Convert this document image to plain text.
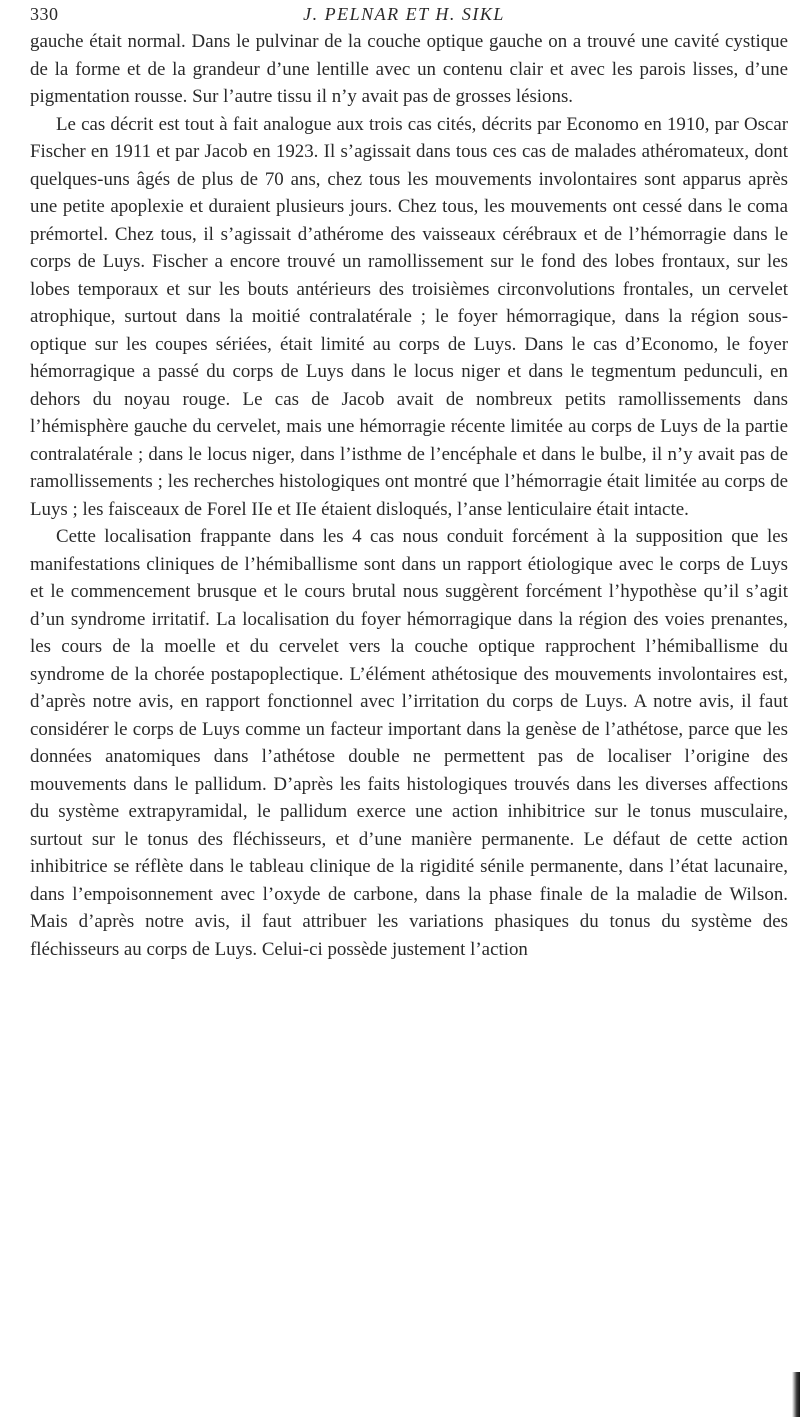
330	J. PELNAR ET H. SIKL

gauche était normal. Dans le pulvinar de la couche optique gauche on a trouvé une cavité cystique de la forme et de la grandeur d’une lentille avec un contenu clair et avec les parois lisses, d’une pigmentation rousse. Sur l’autre tissu il n’y avait pas de grosses lésions.

Le cas décrit est tout à fait analogue aux trois cas cités, décrits par Economo en 1910, par Oscar Fischer en 1911 et par Jacob en 1923. Il s’agissait dans tous ces cas de malades athéromateux, dont quelques-uns âgés de plus de 70 ans, chez tous les mouvements involontaires sont apparus après une petite apoplexie et duraient plusieurs jours. Chez tous, les mouvements ont cessé dans le coma prémortel. Chez tous, il s’agissait d’athérome des vaisseaux cérébraux et de l’hémorragie dans le corps de Luys. Fischer a encore trouvé un ramollissement sur le fond des lobes frontaux, sur les lobes temporaux et sur les bouts antérieurs des troisièmes circonvolutions frontales, un cervelet atrophique, surtout dans la moitié contralatérale ; le foyer hémorragique, dans la région sous-optique sur les coupes sériées, était limité au corps de Luys. Dans le cas d’Economo, le foyer hémorragique a passé du corps de Luys dans le locus niger et dans le tegmentum pedunculi, en dehors du noyau rouge. Le cas de Jacob avait de nombreux petits ramollissements dans l’hémisphère gauche du cervelet, mais une hémorragie récente limitée au corps de Luys de la partie contralatérale ; dans le locus niger, dans l’isthme de l’encéphale et dans le bulbe, il n’y avait pas de ramollissements ; les recherches histologiques ont montré que l’hémorragie était limitée au corps de Luys ; les faisceaux de Forel IIe et IIe étaient disloqués, l’anse lenticulaire était intacte.

Cette localisation frappante dans les 4 cas nous conduit forcément à la supposition que les manifestations cliniques de l’hémiballisme sont dans un rapport étiologique avec le corps de Luys et le commencement brusque et le cours brutal nous suggèrent forcément l’hypothèse qu’il s’agit d’un syndrome irritatif. La localisation du foyer hémorragique dans la région des voies prenantes, les cours de la moelle et du cervelet vers la couche optique rapprochent l’hémiballisme du syndrome de la chorée postapoplectique. L’élément athétosique des mouvements involontaires est, d’après notre avis, en rapport fonctionnel avec l’irritation du corps de Luys. A notre avis, il faut considérer le corps de Luys comme un facteur important dans la genèse de l’athétose, parce que les données anatomiques dans l’athétose double ne permettent pas de localiser l’origine des mouvements dans le pallidum. D’après les faits histologiques trouvés dans les diverses affections du système extrapyramidal, le pallidum exerce une action inhibitrice sur le tonus musculaire, surtout sur le tonus des fléchisseurs, et d’une manière permanente. Le défaut de cette action inhibitrice se réflète dans le tableau clinique de la rigidité sénile permanente, dans l’état lacunaire, dans l’empoisonnement avec l’oxyde de carbone, dans la phase finale de la maladie de Wilson. Mais d’après notre avis, il faut attribuer les variations phasiques du tonus du système des fléchisseurs au corps de Luys. Celui-ci possède justement l’action
